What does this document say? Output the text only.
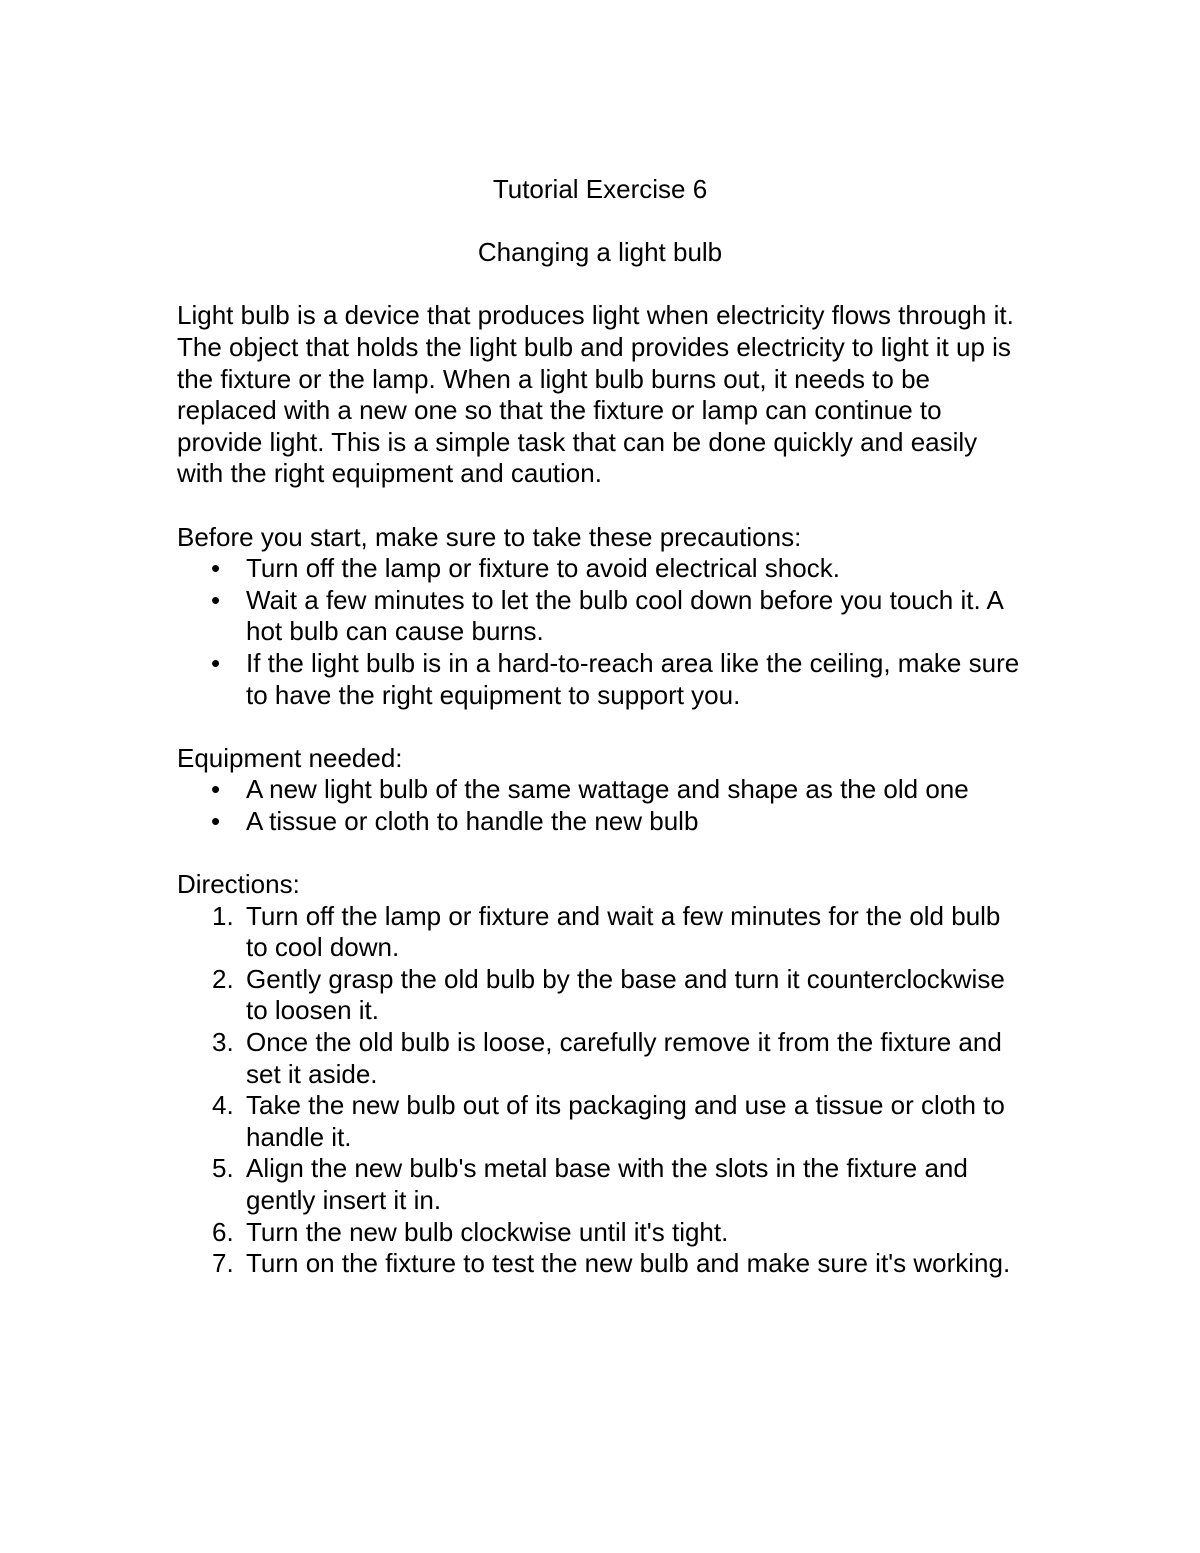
Tutorial Exercise 6
Changing a light bulb

Light bulb is a device that produces light when electricity flows through it. The object that holds the light bulb and provides electricity to light it up is the fixture or the lamp. When a light bulb burns out, it needs to be replaced with a new one so that the fixture or lamp can continue to provide light. This is a simple task that can be done quickly and easily with the right equipment and caution.

Before you start, make sure to take these precautions:

• Turn off the lamp or fixture to avoid electrical shock.
• Wait a few minutes to let the bulb cool down before you touch it. A hot bulb can cause burns.
• If the light bulb is in a hard-to-reach area like the ceiling, make sure to have the right equipment to support you.

Equipment needed:

• A new light bulb of the same wattage and shape as the old one
• A tissue or cloth to handle the new bulb

Directions:

1. Turn off the lamp or fixture and wait a few minutes for the old bulb to cool down.
2. Gently grasp the old bulb by the base and turn it counterclockwise to loosen it.
3. Once the old bulb is loose, carefully remove it from the fixture and set it aside.
4. Take the new bulb out of its packaging and use a tissue or cloth to handle it.
5. Align the new bulb's metal base with the slots in the fixture and gently insert it in.
6. Turn the new bulb clockwise until it's tight.
7. Turn on the fixture to test the new bulb and make sure it's working.
